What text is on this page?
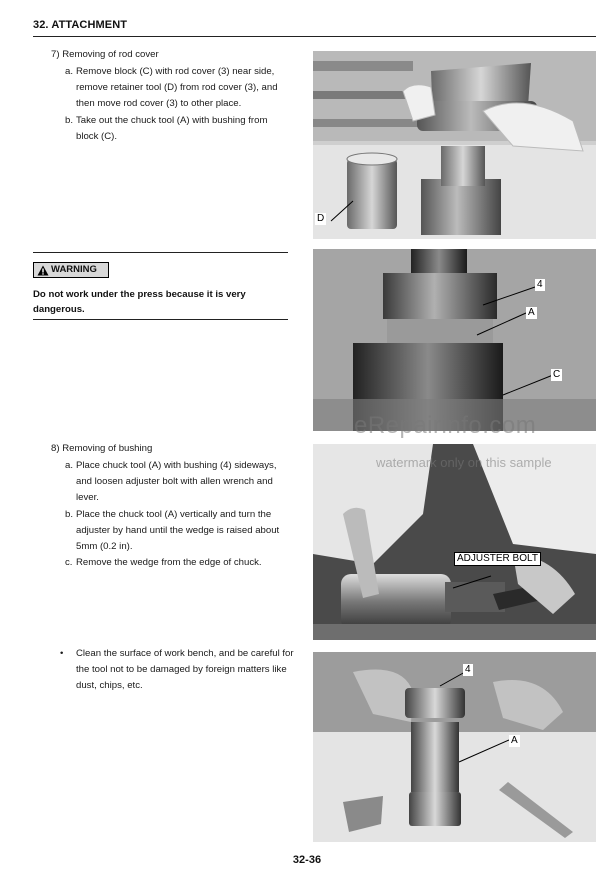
32. ATTACHMENT
7) Removing of rod cover
a. Remove block (C) with rod cover (3) near side, remove retainer tool (D) from rod cover (3), and then move rod cover (3) to other place.
b. Take out the chuck tool (A) with bushing from block (C).
WARNING
Do not work under the press because it is very dangerous.
8) Removing of bushing
a. Place chuck tool (A) with bushing (4) sideways, and loosen adjuster bolt with allen wrench and lever.
b. Place the chuck tool (A) vertically and turn the adjuster by hand until the wedge is raised about 5mm (0.2 in).
c. Remove the wedge from the edge of chuck.
•	Clean the surface of work bench, and be careful for the tool not to be damaged by foreign matters like dust, chips, etc.
D
4
A
C
ADJUSTER BOLT
4
A
eRepairinfo.com
watermark only on this sample
32-36
